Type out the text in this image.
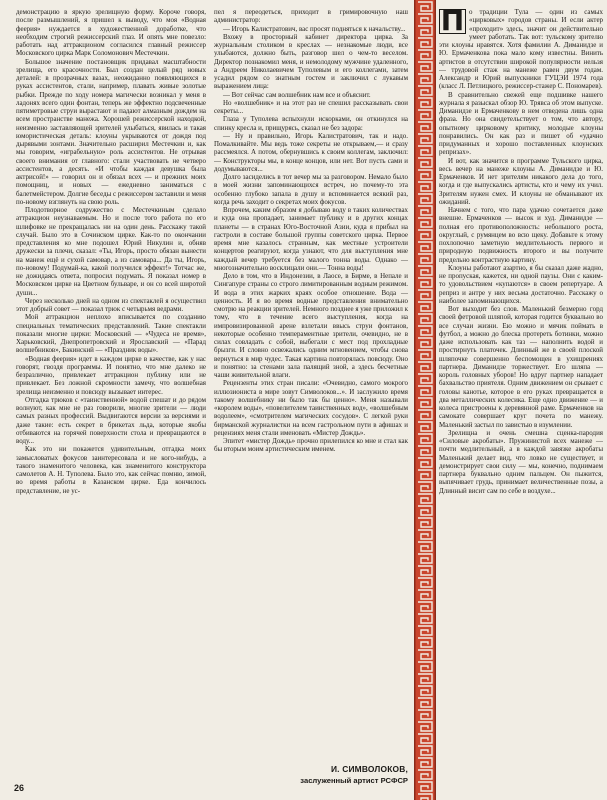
демонстрацию в яркую зрелищную форму. Короче говоря, после размышлений, я пришел к выводу, что моя «Водная феерия» нуждается в художественной доработке, что необходим строгий режиссерский глаз. И опять мне повезло: работать над аттракционом согласился главный режиссер Московского цирка Марк Соломонович Местечкин.

Большое значение постановщик придавал масштабности зрелища, его красочности. Был создан целый ряд новых деталей: в прозрачных вазах, неожиданно появляющихся в руках ассистентов, стали, например, плавать живые золотые рыбки. Прежде по ходу номера магически возникал у меня в ладонях всего один фонтан, теперь же эффектно подсвеченные пятиметровые струи вырастают и падают алмазным дождем на всем пространстве манежа. Хорошей режиссерской находкой, неизменно заставляющей зрителей улыбаться, явилась и такая юмористическая деталь: клоуны укрываются от дождя под дырявыми зонтами. Значительно расширил Местечкин и, как мы говорим, «играбельную» роль ассистентов. Не отрывая своего внимания от главного: стали участвовать не четверо ассистентов, а десять. «И чтобы каждая девушка была актрисой!» — говорил он и обязал всех — и прежних моих помощниц, и новых — ежедневно заниматься с балетмейстером. Долгие беседы с режиссером заставили и меня по-новому взглянуть на свою роль.

Плодотворное содружество с Местечкиным сделало аттракцион неузнаваемым. Но и после того работа по его шлифовке не прекращалась ни на один день. Расскажу такой случай. Было это в Сочинском цирке. Как-то по окончании представления ко мне подошел Юрий Никулин и, обняв дружески за плечи, сказал: «Ты, Игорь, просто обязан вынести на манеж ещё и сухой самовар, а из самовара... Да ты, Игорь, по-новому! Подумай-ка, какой получился эффект!» Тотчас же, не дожидаясь ответа, попросил подумать. Я показал номер в Московском цирке на Цветном бульваре, и он со всей широтой души...

Через несколько дней на одном из спектаклей я осуществил этот добрый совет — показал трюк с четырьмя ведрами.

Мой аттракцион неплохо вписывается по созданию специальных тематических представлений. Такие спектакли показали многие цирки: Московский — «Чудеса не время», Харьковский, Днепропетровский и Ярославский — «Парад волшебников», Бакинский — «Праздник воды».

«Водная феерия» идет в каждом цирке в качестве, как у нас говорят, гвоздя программы. И понятно, что мне далеко не безразлично, привлекает аттракцион публику или не привлекает. Без ложной скромности замечу, что волшебная зрелища неизменно и повсюду вызывает интерес.

Отгадка трюков с «таинственной» водой спешат и до рядом волнуют, как мне не раз говорили, многие зрители — люди самых разных профессий. Выдвигаются версии за версиями и даже такие: есть секрет в брикетах льда, которые якобы отбиваются на горячей поверхности стола и превращаются в воду...

Как это ни покажется удивительным, отгадка моих замысловатых фокусов заинтересовала и не кого-нибудь, а такого знаменитого человека, как знаменитого конструктора самолетов А. Н. Туполева. Было это, как сейчас помню, зимой, во время работы в Казанском цирке. Еда кончилось представление, не ус-

пел я переодеться, приходит в гримировочную наш администратор:

— Игорь Калистратович, вас просят подняться к начальству...

Вхожу в просторный кабинет директора цирка. За журнальным столиком в креслах — незнакомые люди, все улыбаются, должно быть, разговор шел о чем-то веселом. Директор познакомил меня, и немолодому мужчине удаленного, а Андреем Николаевичем Туполевым и его коллегами, затем усадил рядом со знатным гостем и заключил с лукавым выражением лица:

— Вот сейчас сам волшебник нам все и объяснит.

Но «волшебник» и на этот раз не спешил рассказывать свои секреты...

Глаза у Туполева вспыхнули искорками, он откинулся на спинку кресла и, прищурясь, сказал не без задора:

— Ну и правильно, Игорь Калистратович, так и надо. Помалкивайте. Мы ведь тоже секреты не открываем,— и сразу рассмеялся. А потом, обернувшись к своим коллегам, заключил:— Конструкторы мы, в конце концов, или нет. Вот пусть сами и додумываются...

Долго засиделись в тот вечер мы за разговором. Немало было в моей жизни запоминающихся встреч, но почему-то эта особенно глубоко запала в душу и вспоминается всякий раз, когда речь заходит о секретах моих фокусов.

Впрочем, каким образом я добываю воду в таких количествах и куда она пропадает, занимает публику и в других концах планеты — в странах Юго-Восточной Азии, куда я прибыл на гастроли в составе большой группы советского цирка. Первое время мне казалось странным, как местные устроители концертов реагируют, когда узнают, что для выступления мне каждый вечер требуется без малого тонна воды. Однако — многозначительно восклицали они.— Тонна воды!

Дело в том, что в Индонезии, в Лаосе, в Бирме, в Непале и Сингапуре страны со строго лимитированным водным режимом. И вода в этих жарких краях особое отношение. Вода — ценность. И я во время водные представления внимательно смотрю на реакции зрителей. Немного позднее я уже приложил к тому, что в течение всего выступления, когда на импровизированной арене взлетали ввысь струи фонтанов, некоторые особенно темпераментные зрители, очевидно, не в силах совладать с собой, выбегали с мест под прохладные брызги. И словно освежались одним мгновением, чтобы снова вернуться в мир чудес. Такая картина повторялась повсюду. Оно и понятно: за стенами зала палящий зной, а здесь бесчетные чаши живительной влаги.

Рецензенты этих стран писали: «Очевидно, самого мокрого иллюзиониста в мире зовут Символоков...». И заслужило время такому волшебнику ни было так бы ценно». Меня называли «королем воды», «повелителем таинственных вод», «волшебным водолеем», «смотрителем магических сосудов». С легкой руки бирманской журналистки на всем гастрольном пути в афишах и рецензиях меня стали именовать «Мистер Дождь».

Эпитет «мистер Дождь» прочно прилепился ко мне и стал как бы вторым моим артистическим именем.

И. СИМВОЛОКОВ,
заслуженный артист РСФСР
26
П о традиции Тула — один из самых «цирковых» городов страны. И если актер «проходит» здесь, значит он действительно умеет работать. Так вот: тульскому зрителю эти клоуны нравятся. Хотя фамилии А. Диманидзе и Ю. Ермаченкова пока мало кому известны. Винить артистов в отсутствии широкой популярности нельзя — трудовой стаж на манеже равен двум годам. Александр и Юрий выпускники ГУЦЭИ 1974 года (класс Л. Петлицкого, режиссер-стажер С. Пономарев).

В сравнительно свежей еще подшивке нашего журнала я разыскал обзор Ю. Трявса об этом выпуске. Диманидзе и Ермаченкову в нем отведена лишь одна фраза. Но она свидетельствует о том, что автору, опытному цирковому критику, молодые клоуны понравились. Он как раз и пишет об «удачно придуманных и хорошо поставленных клоунских репризах».

И вот, как значится в программе Тульского цирка, весь вечер на манеже клоуны А. Диманидзе и Ю. Ермаченков. И нет зрителям никакого дела до того, когда и где выпускались артисты, кто и чему их учил. Зрителям нужен смех. И клоуны не обманывают их ожиданий.

Начнем с того, что пара удачно сочетается даже внешне. Ермаченков — высок и худ. Диманидзе — полная его противоположность: небольшого роста, округлый, с румянцем во всю щеку. Добавьте к этому похлопочно заметную медлительность первого и природную подвижность второго и вы получите предельно контрастную картину.

Клоуны работают азартно, я бы сказал даже жадно, не пропуская, кажется, ни одной паузы. Они с каким-то удовольствием «купаются» в своем репертуаре. А реприз и антре у них весьма достаточно. Расскажу о наиболее запоминающихся.

Вот выходит без слов. Маленький безмерно горд своей фетровой шляпой, которая годится буквально во все случаи жизни. Ею можно и мячик поймать в футбол, а можно до блеска протереть ботинки, можно даже использовать как таз — наполнить водой и простирнуть платочек. Длинный же в своей плоской шляпочке совершенно беспомощен в ухищрениях партнера. Диманидзе торжествует. Его шляпа — король головных уборов! Но вдруг партнер нападает бахвальство приятеля. Одним движением он срывает с головы канотье, которое в его руках превращается в два металлических колесика. Еще одно движение — и колеса пристроены к деревянной раме. Ермаченков на самокате совершает круг почета по манежу. Маленький застыл по завистью в изумлении.

Зрелищна и очень смешна сценка-пародия «Силовые акробаты». Пружинистой всех манеже — почти медлительный, а в каждой завязке акробаты Маленький делает вид, что ловко не существует, и демонстрирует свои силу — мы, конечно, поднимаем партнера буквально одним пальцем. Он пыжится, выпячивает грудь, принимает величественные позы, а Длинный висит сам по себе в воздухе...
